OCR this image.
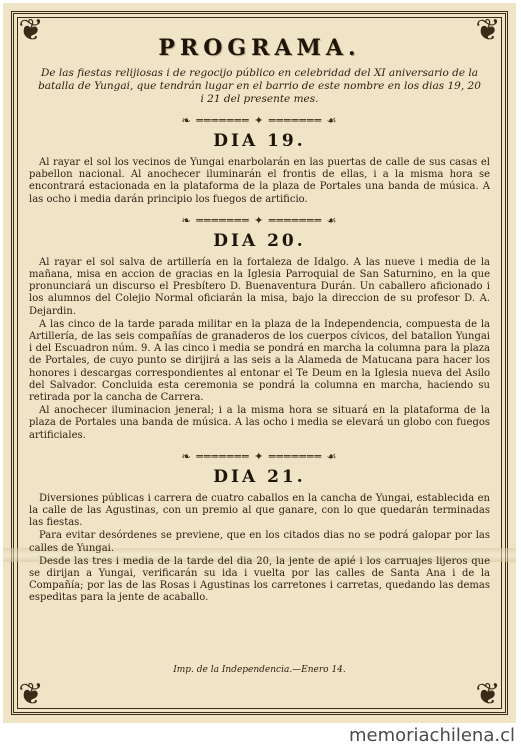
❦	❦
❦	❦
PROGRAMA.
De las fiestas relijiosas i de regocijo público en celebridad del XI aniversario de la batalla de Yungai, que tendrán lugar en el barrio de este nombre en los dias 19, 20 i 21 del presente mes.
❧ ═══════ ✦ ═══════ ☙
DIA 19.

Al rayar el sol los vecinos de Yungai enarbolarán en las puertas de calle de sus casas el pabellon nacional. Al anochecer iluminarán el frontis de ellas, i a la misma hora se encontrará estacionada en la plataforma de la plaza de Portales una banda de música. A las ocho i media darán principio los fuegos de artificio.

❧ ═══════ ✦ ═══════ ☙
DIA 20.

Al rayar el sol salva de artillería en la fortaleza de Idalgo. A las nueve i media de la mañana, misa en accion de gracias en la Iglesia Parroquial de San Saturnino, en la que pronunciará un discurso el Presbítero D. Buenaventura Durán. Un caballero aficionado i los alumnos del Colejio Normal oficiarán la misa, bajo la direccion de su profesor D. A. Dejardin.

A las cinco de la tarde parada militar en la plaza de la Independencia, compuesta de la Artillería, de las seis compañías de granaderos de los cuerpos cívicos, del batallon Yungai i del Escuadron núm. 9. A las cinco i media se pondrá en marcha la columna para la plaza de Portales, de cuyo punto se dirijirá a las seis a la Alameda de Matucana para hacer los honores i descargas correspondientes al entonar el Te Deum en la Iglesia nueva del Asilo del Salvador. Concluida esta ceremonia se pondrá la columna en marcha, haciendo su retirada por la cancha de Carrera.

Al anochecer iluminacion jeneral; i a la misma hora se situará en la plataforma de la plaza de Portales una banda de música. A las ocho i media se elevará un globo con fuegos artificiales.

❧ ═══════ ✦ ═══════ ☙
DIA 21.

Diversiones públicas i carrera de cuatro caballos en la cancha de Yungai, establecida en la calle de las Agustinas, con un premio al que ganare, con lo que quedarán terminadas las fiestas.

Para evitar desórdenes se previene, que en los citados dias no se podrá galopar por las calles de Yungai.

Desde las tres i media de la tarde del dia 20, la jente de apié i los carruajes lijeros que se dirijan a Yungai, verificarán su ida i vuelta por las calles de Santa Ana i de la Compañía; por las de las Rosas i Agustinas los carretones i carretas, quedando las demas espeditas para la jente de acaballo.

Imp. de la Independencia.—Enero 14.
memoriachilena.cl
